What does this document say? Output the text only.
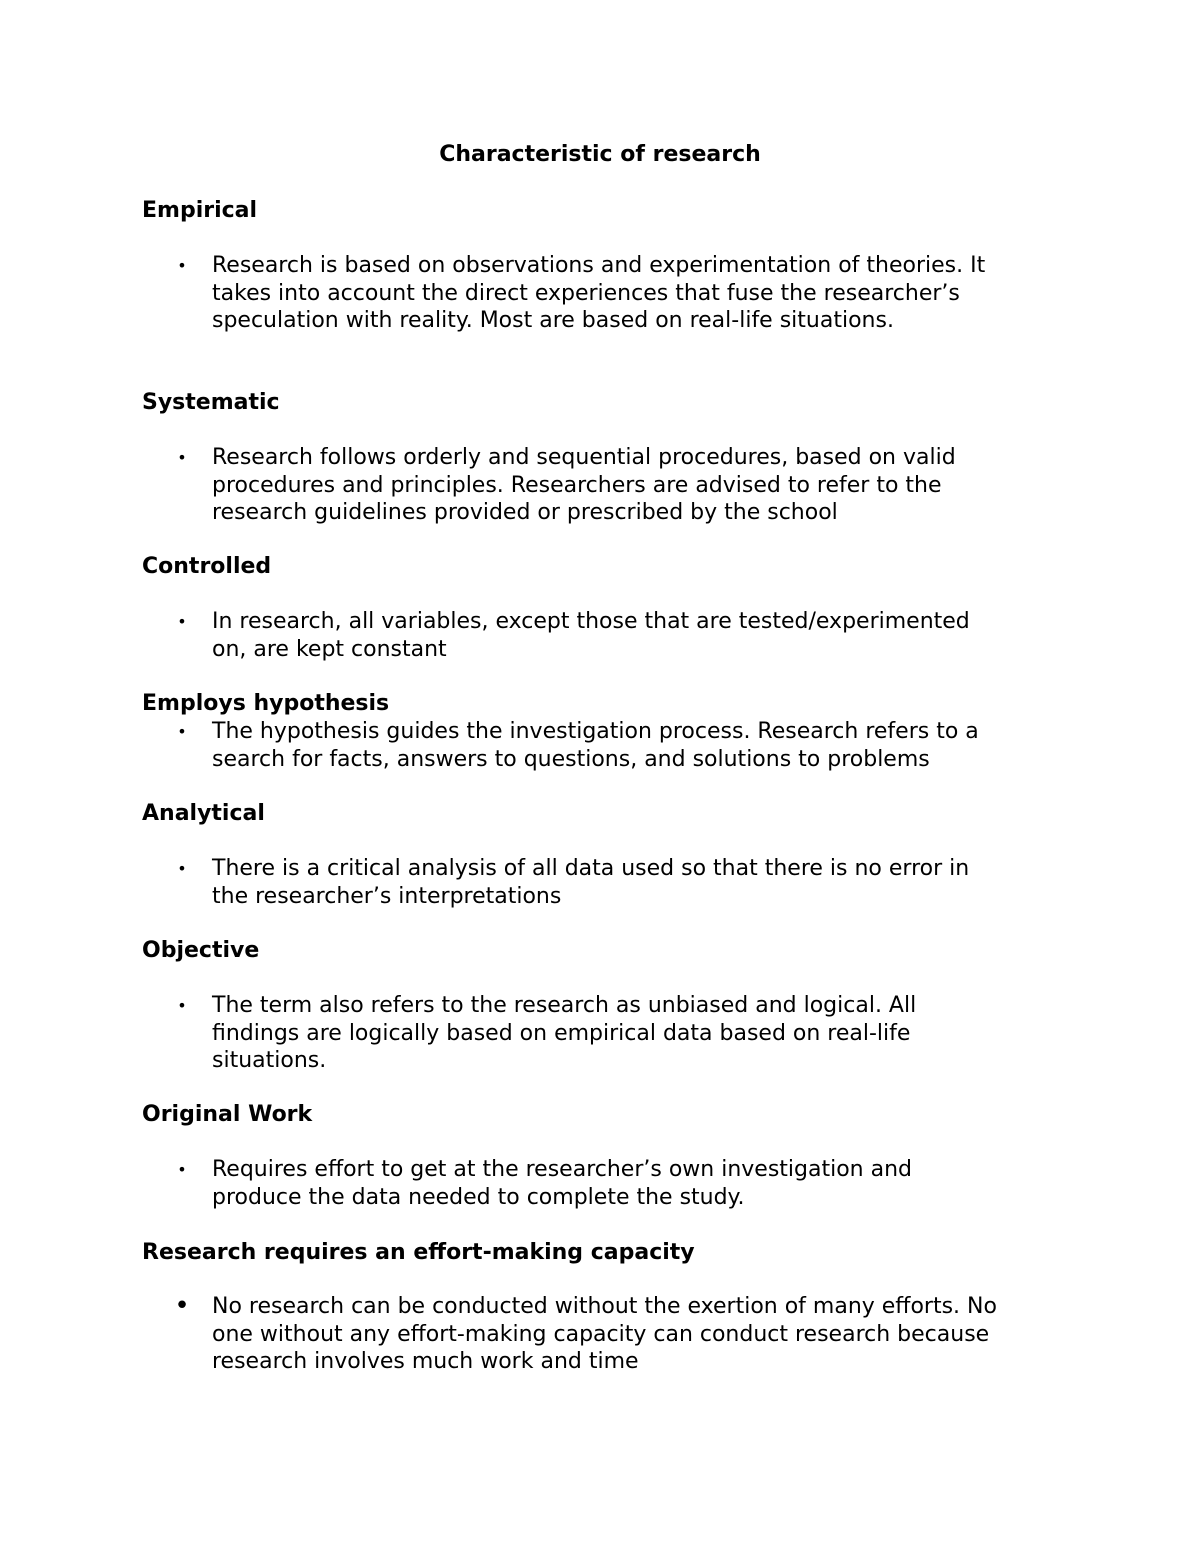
Characteristic of research
Empirical
• Research is based on observations and experimentation of theories. It
takes into account the direct experiences that fuse the researcher’s
speculation with reality. Most are based on real-life situations.
Systematic
• Research follows orderly and sequential procedures, based on valid
procedures and principles. Researchers are advised to refer to the
research guidelines provided or prescribed by the school
Controlled
• In research, all variables, except those that are tested/experimented
on, are kept constant
Employs hypothesis
• The hypothesis guides the investigation process. Research refers to a
search for facts, answers to questions, and solutions to problems
Analytical
• There is a critical analysis of all data used so that there is no error in
the researcher’s interpretations
Objective
• The term also refers to the research as unbiased and logical. All
findings are logically based on empirical data based on real-life
situations.
Original Work
• Requires effort to get at the researcher’s own investigation and
produce the data needed to complete the study.
Research requires an effort-making capacity
• No research can be conducted without the exertion of many efforts. No
one without any effort-making capacity can conduct research because
research involves much work and time
